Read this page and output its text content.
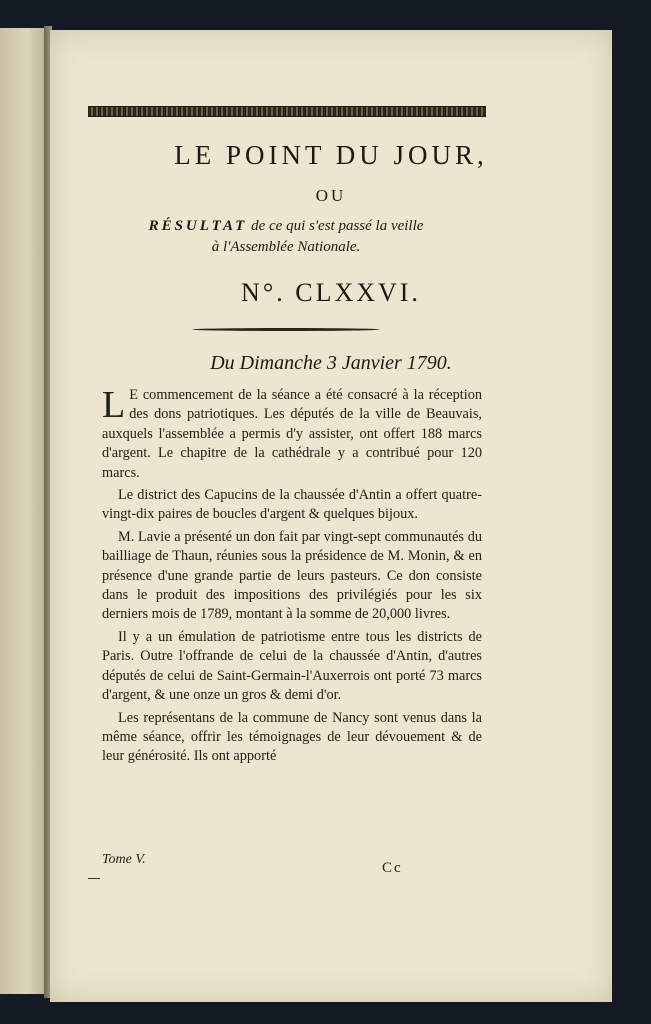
LE POINT DU JOUR,
OU
RÉSULTAT de ce qui s'est passé la veille
à l'Assemblée Nationale.
N°. CLXXVI.
Du Dimanche 3 Janvier 1790.

L E commencement de la séance a été consacré à la réception des dons patriotiques. Les députés de la ville de Beauvais, auxquels l'assemblée a permis d'y assister, ont offert 188 marcs d'argent. Le chapitre de la cathédrale y a contribué pour 120 marcs.

Le district des Capucins de la chaussée d'Antin a offert quatre-vingt-dix paires de boucles d'argent & quelques bijoux.

M. Lavie a présenté un don fait par vingt-sept communautés du bailliage de Thaun, réunies sous la présidence de M. Monin, & en présence d'une grande partie de leurs pasteurs. Ce don consiste dans le produit des impositions des privilégiés pour les six derniers mois de 1789, montant à la somme de 20,000 livres.

Il y a un émulation de patriotisme entre tous les districts de Paris. Outre l'offrande de celui de la chaussée d'Antin, d'autres députés de celui de Saint-Germain-l'Auxerrois ont porté 73 marcs d'argent, & une onze un gros & demi d'or.

Les représentans de la commune de Nancy sont venus dans la même séance, offrir les témoignages de leur dévouement & de leur générosité. Ils ont apporté

Tome V.
Cc
